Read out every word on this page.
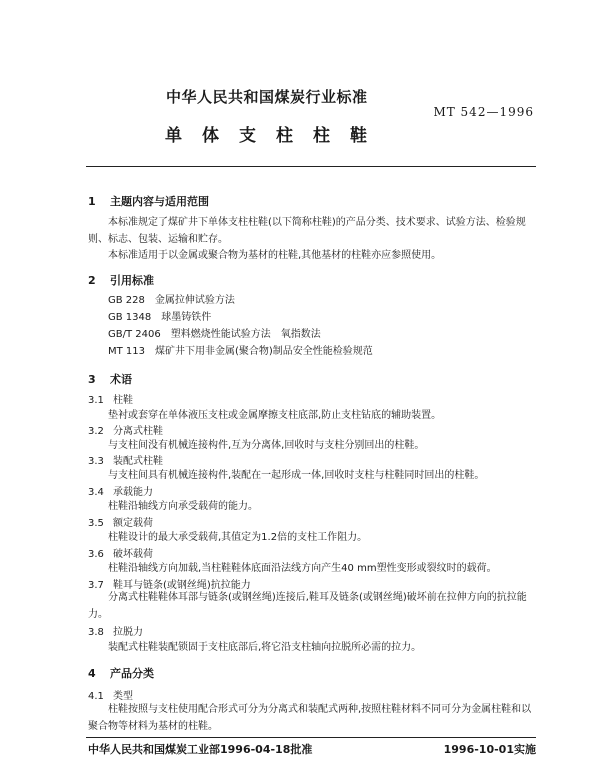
中华人民共和国煤炭行业标准
MT 542—1996
单体支柱柱鞋
1 主题内容与适用范围
本标准规定了煤矿井下单体支柱柱鞋(以下简称柱鞋)的产品分类、技术要求、试验方法、检验规则、标志、包装、运输和贮存。
本标准适用于以金属或聚合物为基材的柱鞋,其他基材的柱鞋亦应参照使用。
2 引用标准
GB 228　金属拉伸试验方法
GB 1348　球墨铸铁件
GB/T 2406　塑料燃烧性能试验方法　氧指数法
MT 113　煤矿井下用非金属(聚合物)制品安全性能检验规范
3 术语
3.1 柱鞋
垫衬或套穿在单体液压支柱或金属摩擦支柱底部,防止支柱钻底的辅助装置。
3.2 分离式柱鞋
与支柱间没有机械连接构件,互为分离体,回收时与支柱分别回出的柱鞋。
3.3 装配式柱鞋
与支柱间具有机械连接构件,装配在一起形成一体,回收时支柱与柱鞋同时回出的柱鞋。
3.4 承载能力
柱鞋沿轴线方向承受载荷的能力。
3.5 额定载荷
柱鞋设计的最大承受载荷,其值定为1.2倍的支柱工作阻力。
3.6 破坏载荷
柱鞋沿轴线方向加载,当柱鞋鞋体底面沿法线方向产生40 mm塑性变形或裂纹时的载荷。
3.7 鞋耳与链条(或钢丝绳)抗拉能力
分离式柱鞋鞋体耳部与链条(或钢丝绳)连接后,鞋耳及链条(或钢丝绳)破坏前在拉伸方向的抗拉能力。
3.8 拉脱力
装配式柱鞋装配锁固于支柱底部后,将它沿支柱轴向拉脱所必需的拉力。
4 产品分类
4.1 类型
柱鞋按照与支柱使用配合形式可分为分离式和装配式两种,按照柱鞋材料不同可分为金属柱鞋和以聚合物等材料为基材的柱鞋。
中华人民共和国煤炭工业部1996-04-18批准	1996-10-01实施
